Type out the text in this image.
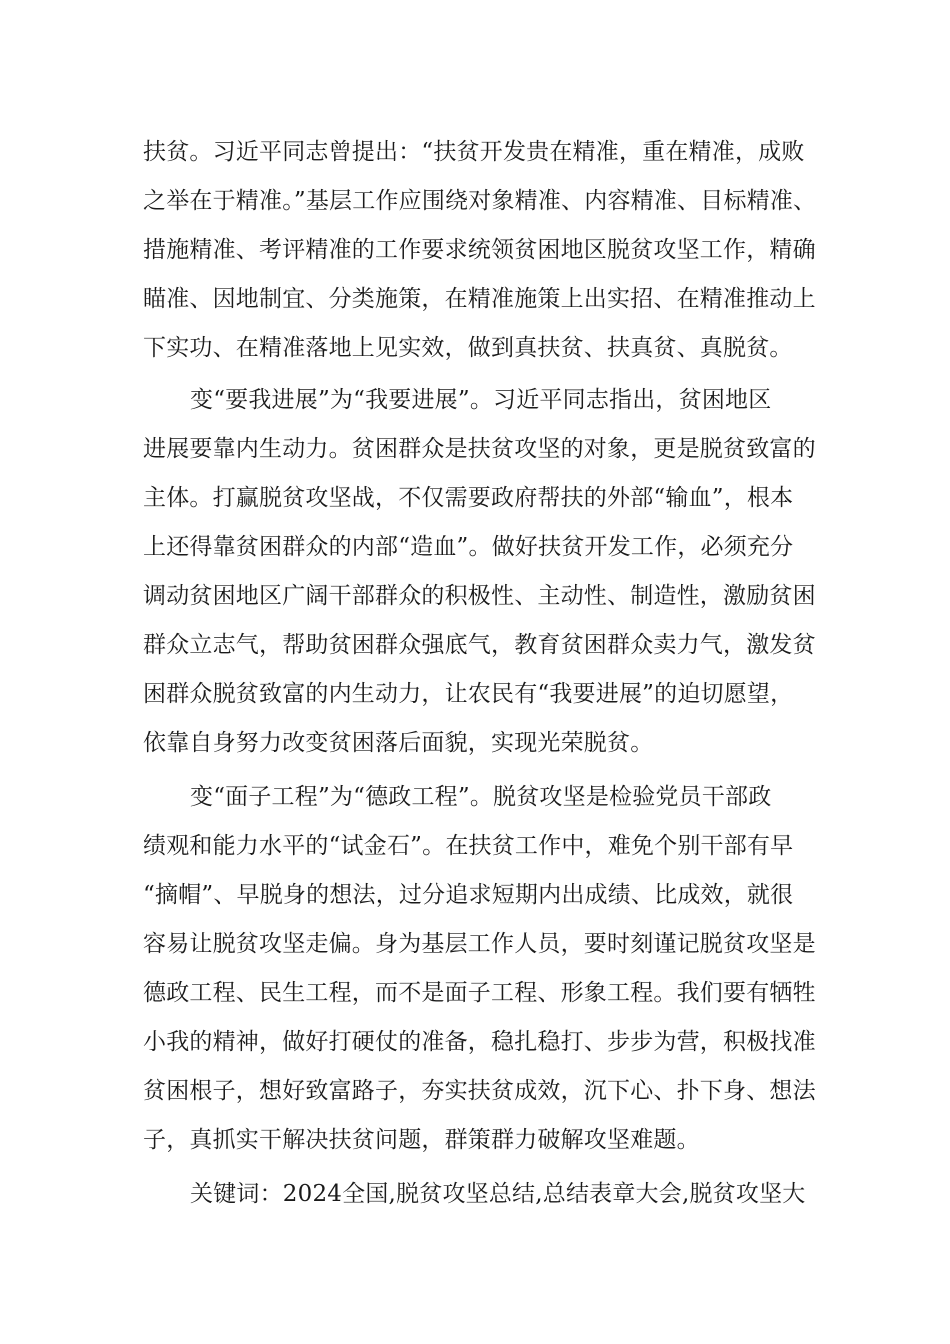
扶贫。习近平同志曾提出：“扶贫开发贵在精准，重在精准，成败
之举在于精准。”基层工作应围绕对象精准、内容精准、目标精准、
措施精准、考评精准的工作要求统领贫困地区脱贫攻坚工作，精确
瞄准、因地制宜、分类施策，在精准施策上出实招、在精准推动上
下实功、在精准落地上见实效，做到真扶贫、扶真贫、真脱贫。
变“要我进展”为“我要进展”。习近平同志指出，贫困地区
进展要靠内生动力。贫困群众是扶贫攻坚的对象，更是脱贫致富的
主体。打赢脱贫攻坚战，不仅需要政府帮扶的外部“输血”，根本
上还得靠贫困群众的内部“造血”。做好扶贫开发工作，必须充分
调动贫困地区广阔干部群众的积极性、主动性、制造性，激励贫困
群众立志气，帮助贫困群众强底气，教育贫困群众卖力气，激发贫
困群众脱贫致富的内生动力，让农民有“我要进展”的迫切愿望，
依靠自身努力改变贫困落后面貌，实现光荣脱贫。
变“面子工程”为“德政工程”。脱贫攻坚是检验党员干部政
绩观和能力水平的“试金石”。在扶贫工作中，难免个别干部有早
“摘帽”、早脱身的想法，过分追求短期内出成绩、比成效，就很
容易让脱贫攻坚走偏。身为基层工作人员，要时刻谨记脱贫攻坚是
德政工程、民生工程，而不是面子工程、形象工程。我们要有牺牲
小我的精神，做好打硬仗的准备，稳扎稳打、步步为营，积极找准
贫困根子，想好致富路子，夯实扶贫成效，沉下心、扑下身、想法
子，真抓实干解决扶贫问题，群策群力破解攻坚难题。
关键词：2024全国,脱贫攻坚总结,总结表章大会,脱贫攻坚大
